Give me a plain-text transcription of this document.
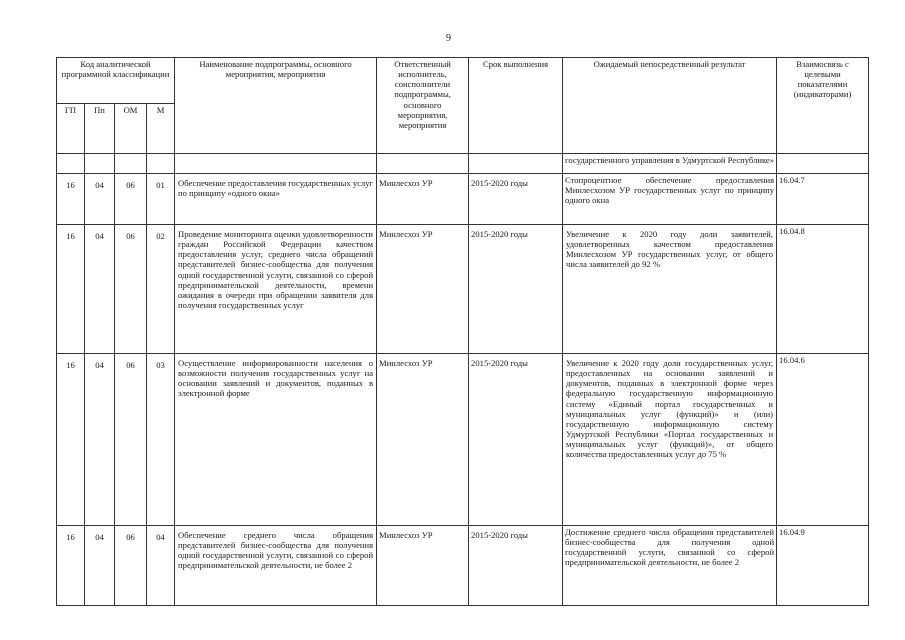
9
Код аналитической программной классификации				Наименование подпрограммы, основного мероприятия, мероприятия	Ответственный исполнитель, соисполнители подпрограммы, основного мероприятия, мероприятия	Срок выполнения	Ожидаемый непосредственный результат	Взаимосвязь с целевыми показателями (индикаторами)
ГП	Пп	ОМ	М					
							государственного управления в Удмуртской Республике»	
16	04	06	01	Обеспечение предоставления государственных услуг по принципу «одного окна»	Минлесхоз УР	2015-2020 годы	Стопроцентное обеспечение предоставления Минлесхозом УР государственных услуг по принципу одного окна	16.04.7
16	04	06	02	Проведение мониторинга оценки удовлетворенности граждан Российской Федерации качеством предоставления услуг, среднего числа обращений представителей бизнес-сообщества для получения одной государственной услуги, связанной со сферой предпринимательской деятельности, времени ожидания в очереди при обращении заявителя для получения государственных услуг	Минлесхоз УР	2015-2020 годы	Увеличение к 2020 году доли заявителей, удовлетворенных качеством предоставления Минлесхозом УР государственных услуг, от общего числа заявителей до 92 %	16.04.8
16	04	06	03	Осуществление информированности населения о возможности получения государственных услуг на основании заявлений и документов, поданных в электронной форме	Минлесхоз УР	2015-2020 годы	Увеличение к 2020 году доли государственных услуг, предоставленных на основании заявлений и документов, поданных в электронной форме через федеральную государственную информационную систему «Единый портал государственных и муниципальных услуг (функций)» и (или) государственную информационную систему Удмуртской Республики «Портал государственных и муниципальных услуг (функций)», от общего количества предоставленных услуг до 75 %	16.04.6
16	04	06	04	Обеспечение среднего числа обращения представителей бизнес-сообщества для получения одной государственной услуги, связанной со сферой предпринимательской деятельности, не более 2	Минлесхоз УР	2015-2020 годы	Достижение среднего числа обращения представителей бизнес-сообщества для получения одной государственной услуги, связанной со сферой предпринимательской деятельности, не более 2	16.04.9
